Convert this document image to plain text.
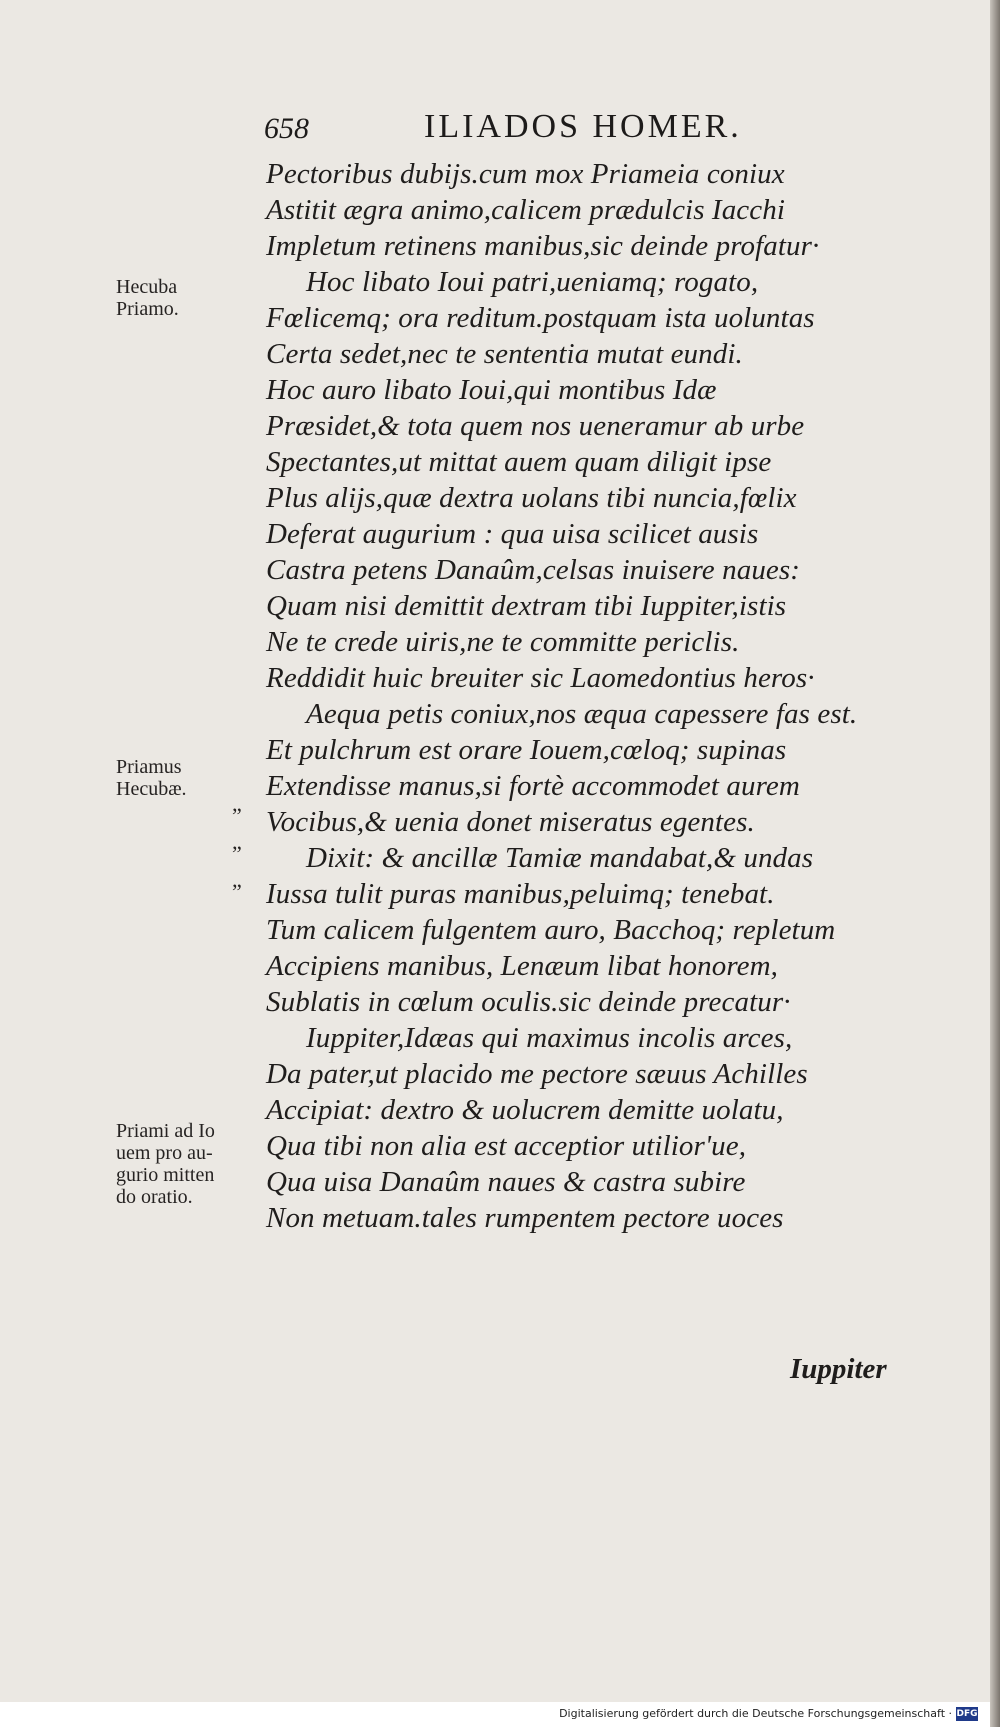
658	ILIADOS HOMER.
Pectoribus dubijs.cum mox Priameia coniux
Astitit ægra animo,calicem prædulcis Iacchi
Impletum retinens manibus,sic deinde profatur·
Hoc libato Ioui patri,ueniamq; rogato,
Fœlicemq; ora reditum.postquam ista uoluntas
Certa sedet,nec te sententia mutat eundi.
Hoc auro libato Ioui,qui montibus Idæ
Præsidet,& tota quem nos ueneramur ab urbe
Spectantes,ut mittat auem quam diligit ipse
Plus alijs,quæ dextra uolans tibi nuncia,fœlix
Deferat augurium : qua uisa scilicet ausis
Castra petens Danaûm,celsas inuisere naues:
Quam nisi demittit dextram tibi Iuppiter,istis
Ne te crede uiris,ne te committe periclis.
Reddidit huic breuiter sic Laomedontius heros·
Aequa petis coniux,nos æqua capessere fas est.
Et pulchrum est orare Iouem,cœloq; supinas
Extendisse manus,si fortè accommodet aurem
Vocibus,& uenia donet miseratus egentes.
Dixit: & ancillæ Tamiæ mandabat,& undas
Iussa tulit puras manibus,peluimq; tenebat.
Tum calicem fulgentem auro, Bacchoq; repletum
Accipiens manibus, Lenæum libat honorem,
Sublatis in cœlum oculis.sic deinde precatur·
Iuppiter,Idæas qui maximus incolis arces,
Da pater,ut placido me pectore sæuus Achilles
Accipiat: dextro & uolucrem demitte uolatu,
Qua tibi non alia est acceptior utilior'ue,
Qua uisa Danaûm naues & castra subire
Non metuam.tales rumpentem pectore uoces
Iuppiter
Hecuba
Priamo.
Priamus
Hecubæ.
Priami ad Io
uem pro au-
gurio mitten
do oratio.
”
”
”
Digitalisierung gefördert durch die Deutsche Forschungsgemeinschaft · DFG
